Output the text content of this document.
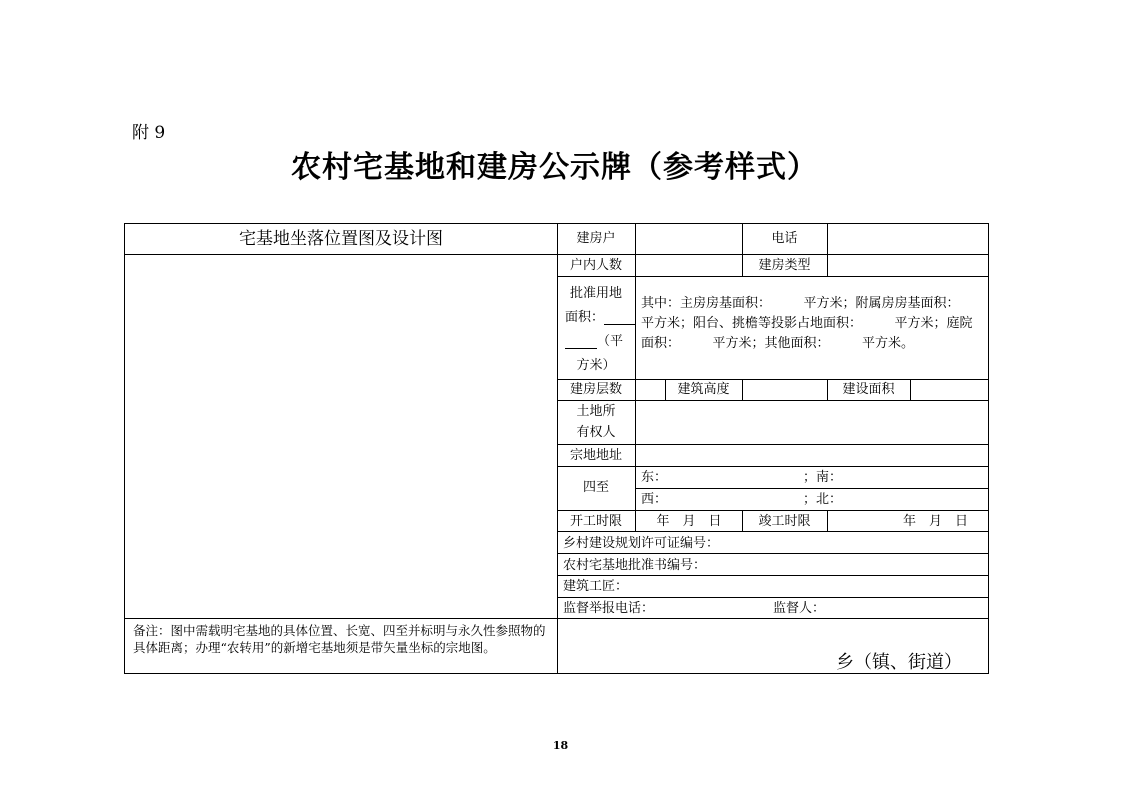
附 9
农村宅基地和建房公示牌（参考样式）
宅基地坐落位置图及设计图	建房户	电话
户内人数	建房类型
批准用地
面积：
（平
方米）
其中：主房房基面积：　　　平方米；附属房房基面积：　　　平方米；阳台、挑檐等投影占地面积：　　　平方米；庭院面积：　　　平方米；其他面积：　　　平方米。
建房层数	建筑高度	建设面积
土地所
有权人
宗地地址
四至
东：	；南：
西：	；北：
开工时限	年　月　日	竣工时限	年　月　日
乡村建设规划许可证编号：
农村宅基地批准书编号：
建筑工匠：
监督举报电话：	监督人：
备注：图中需载明宅基地的具体位置、长宽、四至并标明与永久性参照物的具体距离；办理“农转用”的新增宅基地须是带矢量坐标的宗地图。
乡（镇、街道）
18
